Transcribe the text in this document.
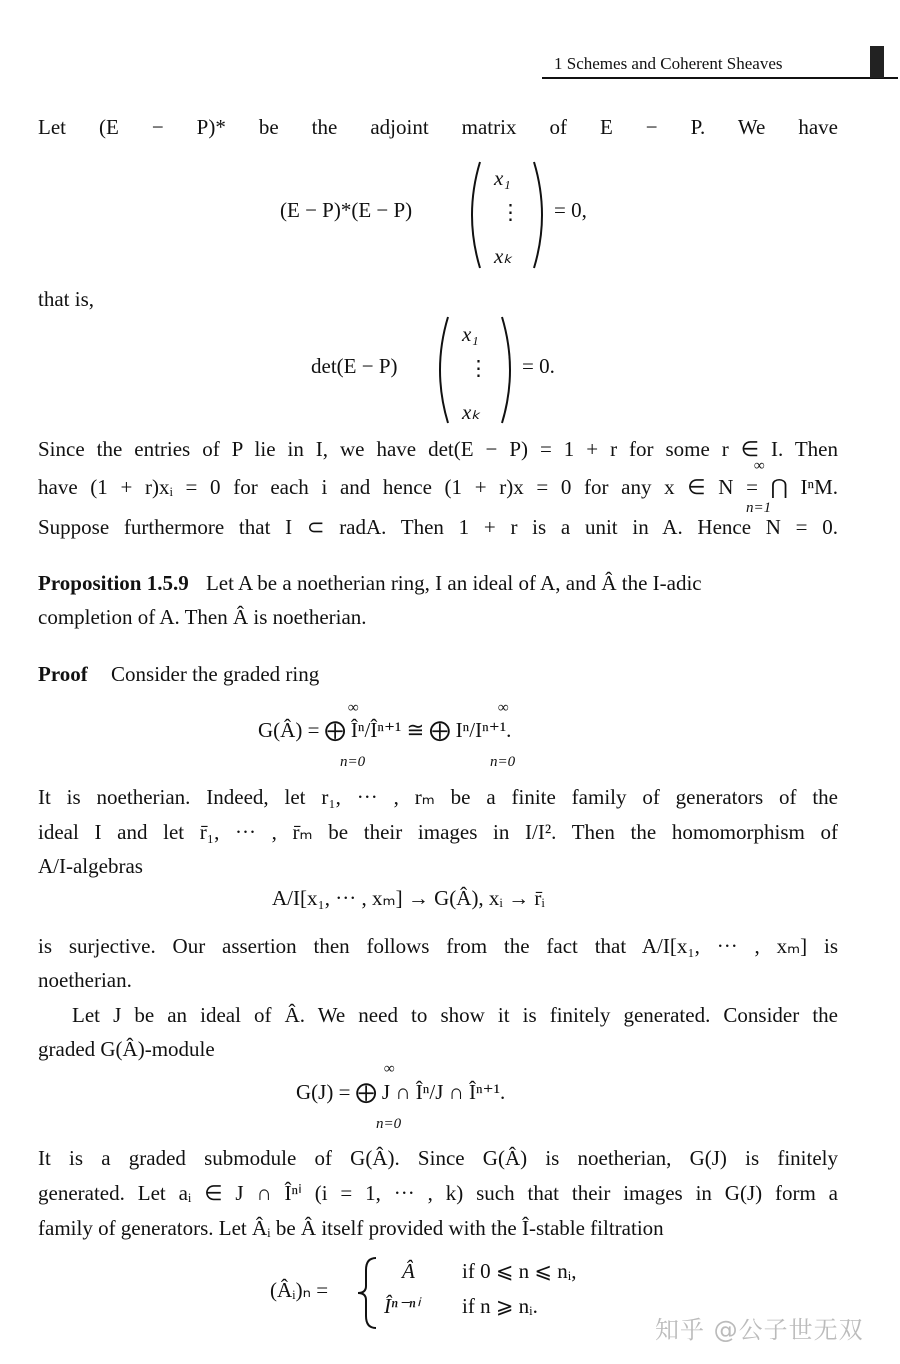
1 Schemes and Coherent Sheaves
Let (E − P)* be the adjoint matrix of E − P. We have
(E − P)*(E − P)
x₁
⋮
xₖ
= 0,
that is,
det(E − P)
x₁
⋮
xₖ
= 0.
Since the entries of P lie in I, we have det(E − P) = 1 + r for some r ∈ I. Then
have (1 + r)xᵢ = 0 for each i and hence (1 + r)x = 0 for any x ∈ N = ⋂ IⁿM.
∞
n=1
Suppose furthermore that I ⊂ radA. Then 1 + r is a unit in A. Hence N = 0.
Proposition 1.5.9 Let A be a noetherian ring, I an ideal of A, and Â the I-adic
completion of A. Then Â is noetherian.
Proof Consider the graded ring
G(Â) = ⨁ Îⁿ/Îⁿ⁺¹ ≅ ⨁ Iⁿ/Iⁿ⁺¹.
∞
n=0
∞
n=0
It is noetherian. Indeed, let r₁, ··· , rₘ be a finite family of generators of the
ideal I and let r̄₁, ··· , r̄ₘ be their images in I/I². Then the homomorphism of
A/I-algebras
A/I[x₁, ··· , xₘ] → G(Â), xᵢ → r̄ᵢ
is surjective. Our assertion then follows from the fact that A/I[x₁, ··· , xₘ] is
noetherian.
Let J be an ideal of Â. We need to show it is finitely generated. Consider the
graded G(Â)-module
G(J) = ⨁ J ∩ Îⁿ/J ∩ Îⁿ⁺¹.
∞
n=0
It is a graded submodule of G(Â). Since G(Â) is noetherian, G(J) is finitely
generated. Let aᵢ ∈ J ∩ Îⁿⁱ (i = 1, ··· , k) such that their images in G(J) form a
family of generators. Let Âᵢ be Â itself provided with the Î-stable filtration
(Âᵢ)ₙ =
Â if 0 ⩽ n ⩽ nᵢ,
Îⁿ⁻ⁿⁱ if n ⩾ nᵢ.
知乎 @公子世无双
